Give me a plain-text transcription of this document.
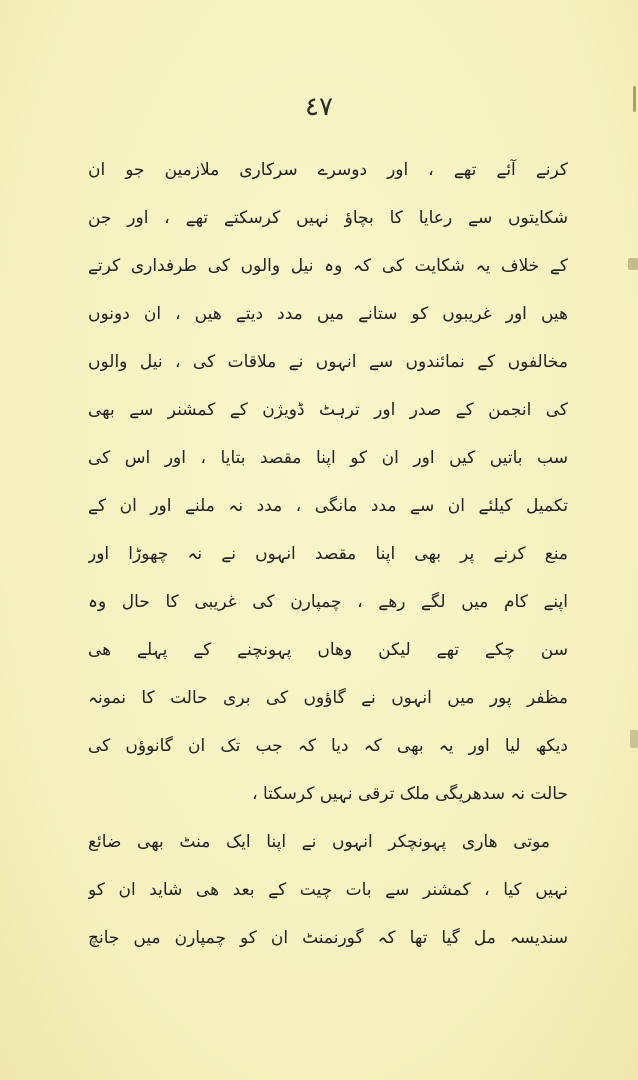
٤٧
کرنے آئے تھے ، اور دوسرے سرکاری ملازمین جو ان
شکایتوں سے رعایا کا بچاؤ نہیں کرسکتے تھے ، اور جن
کے خلاف یہ شکایت کی کہ وہ نیل والوں کی طرفداری کرتے
ھیں اور غریبوں کو ستانے میں مدد دیتے ھیں ، ان دونوں
مخالفوں کے نمائندوں سے انہوں نے ملاقات کی ، نیل والوں
کی انجمن کے صدر اور ترہٹ ڈویژن کے کمشنر سے بھی
سب باتیں کیں اور ان کو اپنا مقصد بتایا ، اور اس کی
تکمیل کیلئے ان سے مدد مانگی ، مدد نہ ملنے اور ان کے
منع کرنے پر بھی اپنا مقصد انہوں نے نہ چھوڑا اور
اپنے کام میں لگے رھے ، چمپارن کی غریبی کا حال وہ
سن چکے تھے لیکن وھاں پہونچنے کے پہلے ھی
مظفر پور میں انہوں نے گاؤوں کی بری حالت کا نمونہ
دیکھ لیا اور یہ بھی کہ دیا کہ جب تک ان گانوؤں کی
حالت نہ سدھریگی ملک ترقی نہیں کرسکتا ،
موتی ھاری پہونچکر انہوں نے اپنا ایک منٹ بھی ضائع
نہیں کیا ، کمشنر سے بات چیت کے بعد ھی شاید ان کو
سندیسہ مل گیا تھا کہ گورنمنٹ ان کو چمپارن میں جانچ
